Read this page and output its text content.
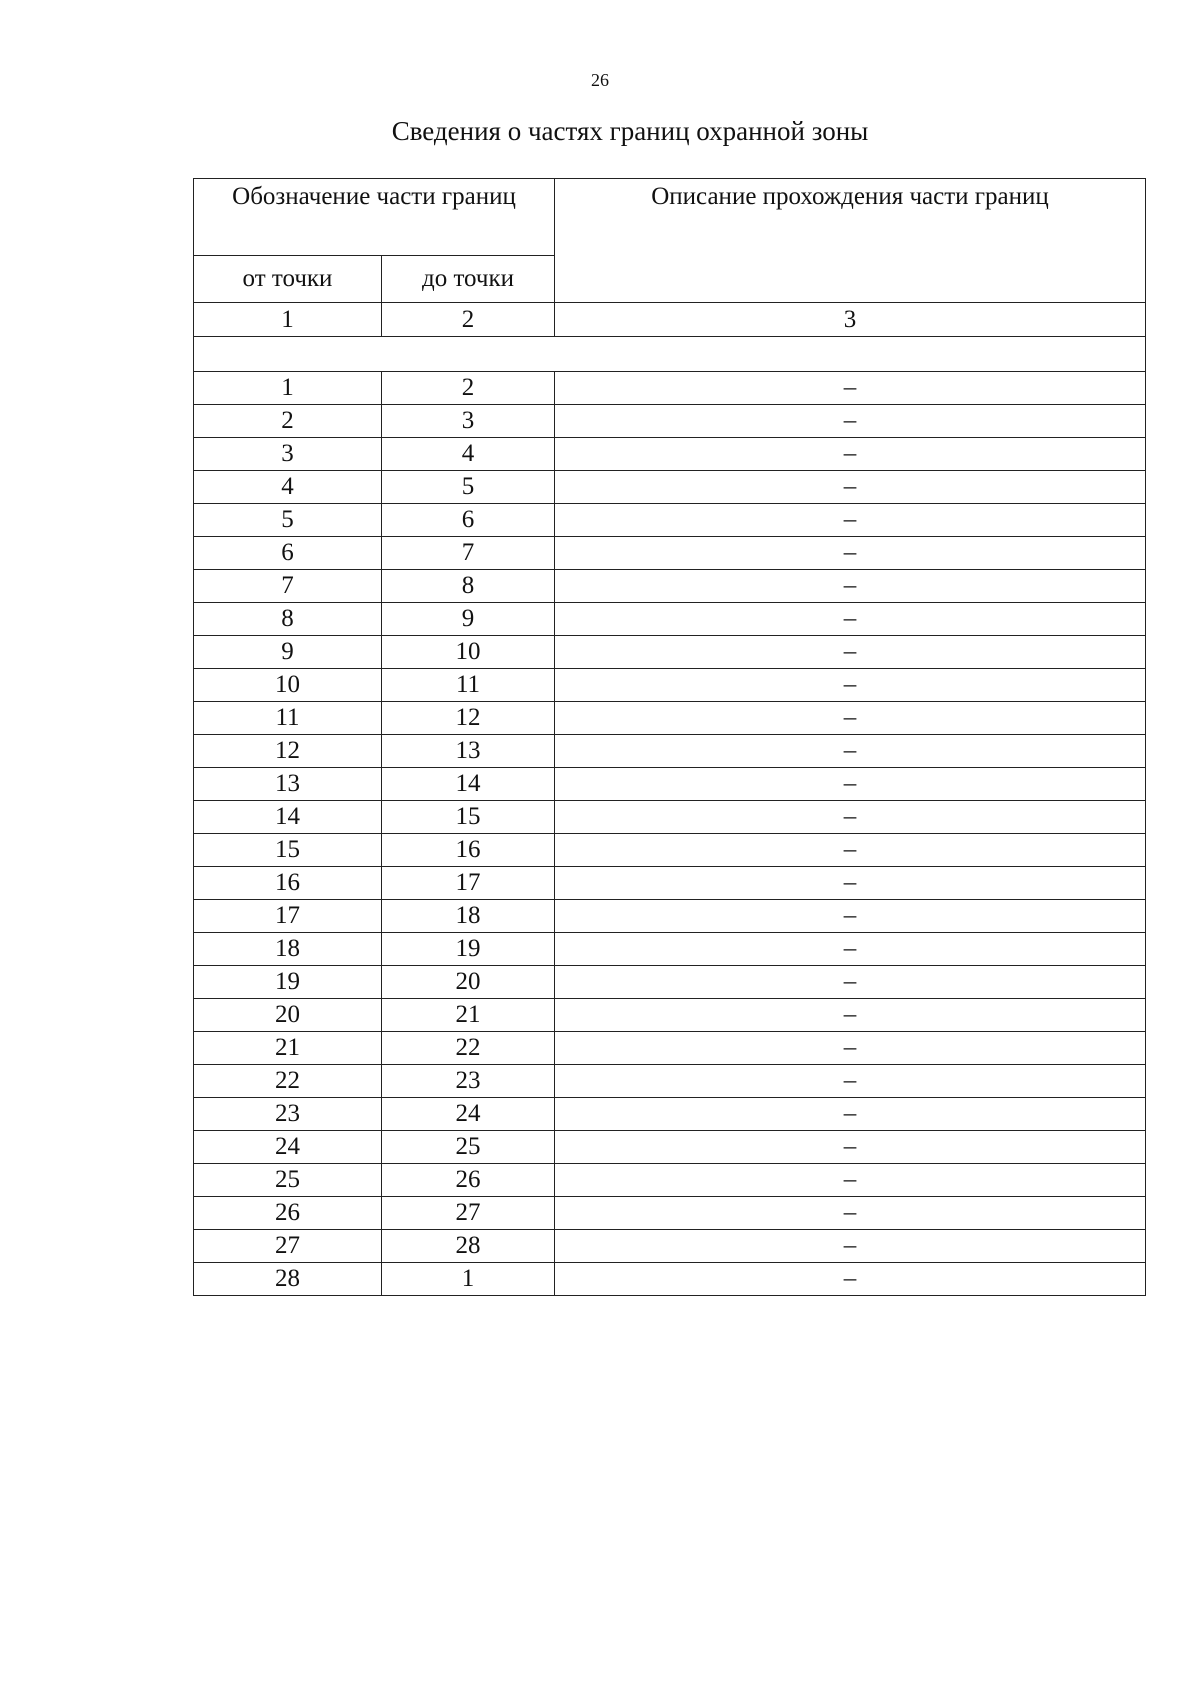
26
Сведения о частях границ охранной зоны
Обозначение части границ		Описание прохождения части границ
от точки	до точки	
1	2	3

1	2	–
2	3	–
3	4	–
4	5	–
5	6	–
6	7	–
7	8	–
8	9	–
9	10	–
10	11	–
11	12	–
12	13	–
13	14	–
14	15	–
15	16	–
16	17	–
17	18	–
18	19	–
19	20	–
20	21	–
21	22	–
22	23	–
23	24	–
24	25	–
25	26	–
26	27	–
27	28	–
28	1	–
